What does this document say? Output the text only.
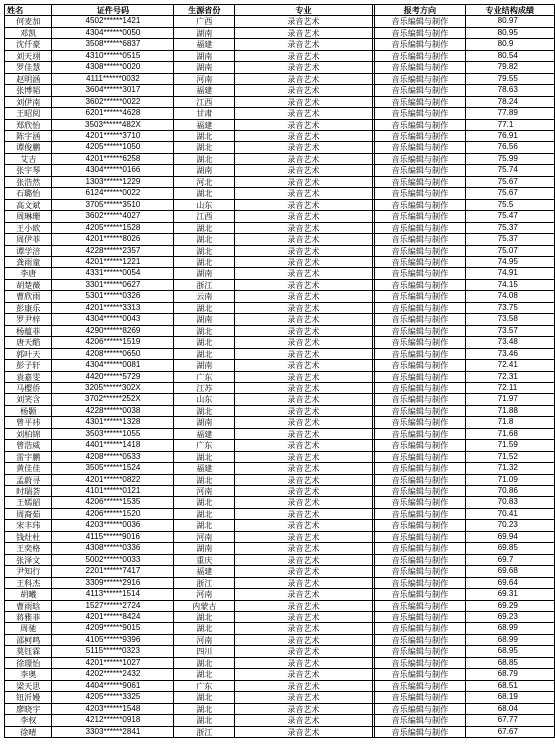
姓名	证件号码	生源省份	专业		报考方向	专业结构成绩
何麦加	4502******1421	广西	录音艺术		音乐编辑与制作	80.97
邓凯	4304******0050	湖南	录音艺术		音乐编辑与制作	80.95
沈仟豪	3508******6837	福建	录音艺术		音乐编辑与制作	80.9
刘天翊	4310******0515	湖南	录音艺术		音乐编辑与制作	80.54
罗佳慧	4308******0020	湖南	录音艺术		音乐编辑与制作	79.82
赵明涵	4111******0032	河南	录音艺术		音乐编辑与制作	79.55
张博韬	3604******3017	福建	录音艺术		音乐编辑与制作	78.63
刘伊南	3602******0022	江西	录音艺术		音乐编辑与制作	78.24
王昭阅	6201******4628	甘肃	录音艺术		音乐编辑与制作	77.89
郑欣怡	3503******482X	福建	录音艺术		音乐编辑与制作	77.1
陈宇涵	4201******3710	湖北	录音艺术		音乐编辑与制作	76.91
谭俊鹏	4205******1050	湖北	录音艺术		音乐编辑与制作	76.56
艾吉	4201******6258	湖北	录音艺术		音乐编辑与制作	75.99
张宇琴	4304******0166	湖南	录音艺术		音乐编辑与制作	75.74
张浩然	1303******1229	河北	录音艺术		音乐编辑与制作	75.67
石璐怡	6124******0022	湖北	录音艺术		音乐编辑与制作	75.67
高文斌	3705******3510	山东	录音艺术		音乐编辑与制作	75.5
周琳珊	3602******4027	江西	录音艺术		音乐编辑与制作	75.47
王小欧	4205******1528	湖北	录音艺术		音乐编辑与制作	75.37
周伊菲	4201******8026	湖北	录音艺术		音乐编辑与制作	75.37
谭学涪	4228******2357	湖北	录音艺术		音乐编辑与制作	75.07
龚雨童	4201******1221	湖北	录音艺术		音乐编辑与制作	74.95
李唐	4331******0054	湖南	录音艺术		音乐编辑与制作	74.91
胡楚薇	3301******0627	浙江	录音艺术		音乐编辑与制作	74.15
曹欣雨	5301******0326	云南	录音艺术		音乐编辑与制作	74.08
彭康乐	4201******3313	湖北	录音艺术		音乐编辑与制作	73.75
罗尹梓	4304******0043	湖南	录音艺术		音乐编辑与制作	73.58
杨蕴菲	4290******8269	湖北	录音艺术		音乐编辑与制作	73.57
唐天酷	4206******1519	湖北	录音艺术		音乐编辑与制作	73.48
郭叶天	4208******0650	湖北	录音艺术		音乐编辑与制作	73.46
彭子轩	4304******0081	湖南	录音艺术		音乐编辑与制作	72.41
袁嘉雯	4420******5729	广东	录音艺术		音乐编辑与制作	72.31
马樱侨	3205******302X	江苏	录音艺术		音乐编辑与制作	72.11
刘笑含	3702******252X	山东	录音艺术		音乐编辑与制作	71.97
杨颢	4228******0038	湖北	录音艺术		音乐编辑与制作	71.88
曾平祎	4301******1328	湖南	录音艺术		音乐编辑与制作	71.8
刘柏锦	3503******1055	福建	录音艺术		音乐编辑与制作	71.68
曾浩威	4401******1418	广东	录音艺术		音乐编辑与制作	71.59
雷宇鹏	4208******0533	湖北	录音艺术		音乐编辑与制作	71.52
黄佳佳	3505******1524	福建	录音艺术		音乐编辑与制作	71.32
孟蔚寻	4201******0822	湖北	录音艺术		音乐编辑与制作	71.09
时瑞荟	4101******0121	河南	录音艺术		音乐编辑与制作	70.86
王嫣韶	4206******1535	湖北	录音艺术		音乐编辑与制作	70.83
周裔茹	4206******1520	湖北	录音艺术		音乐编辑与制作	70.41
宋丰玮	4203******0036	湖北	录音艺术		音乐编辑与制作	70.23
钱灶杜	4115******9016	河南	录音艺术		音乐编辑与制作	69.94
王奕格	4308******0336	湖南	录音艺术		音乐编辑与制作	69.85
张泽文	5002******0033	重庆	录音艺术		音乐编辑与制作	69.7
尹知行	2201******7417	福建	录音艺术		音乐编辑与制作	69.68
王科杰	3309******2916	浙江	录音艺术		音乐编辑与制作	69.64
胡曦	4113******1514	河南	录音艺术		音乐编辑与制作	69.31
曹雨晗	1527******2724	内蒙古	录音艺术		音乐编辑与制作	69.29
蒋雅菲	4201******8424	湖北	录音艺术		音乐编辑与制作	69.23
周驰	4209******9015	湖北	录音艺术		音乐编辑与制作	68.99
邵柯鸣	4105******9396	河南	录音艺术		音乐编辑与制作	68.99
莫钰霖	5115******0323	四川	录音艺术		音乐编辑与制作	68.95
徐璟怡	4201******1027	湖北	录音艺术		音乐编辑与制作	68.85
李奥	4202******2432	湖北	录音艺术		音乐编辑与制作	68.79
梁天思	4404******9061	广东	录音艺术		音乐编辑与制作	68.51
钮沂嫚	4205******3325	湖北	录音艺术		音乐编辑与制作	68.19
廖晓宇	4203******1548	湖北	录音艺术		音乐编辑与制作	68.04
李权	4212******0918	湖北	录音艺术		音乐编辑与制作	67.77
徐晴	3303******2841	浙江	录音艺术		音乐编辑与制作	67.67
